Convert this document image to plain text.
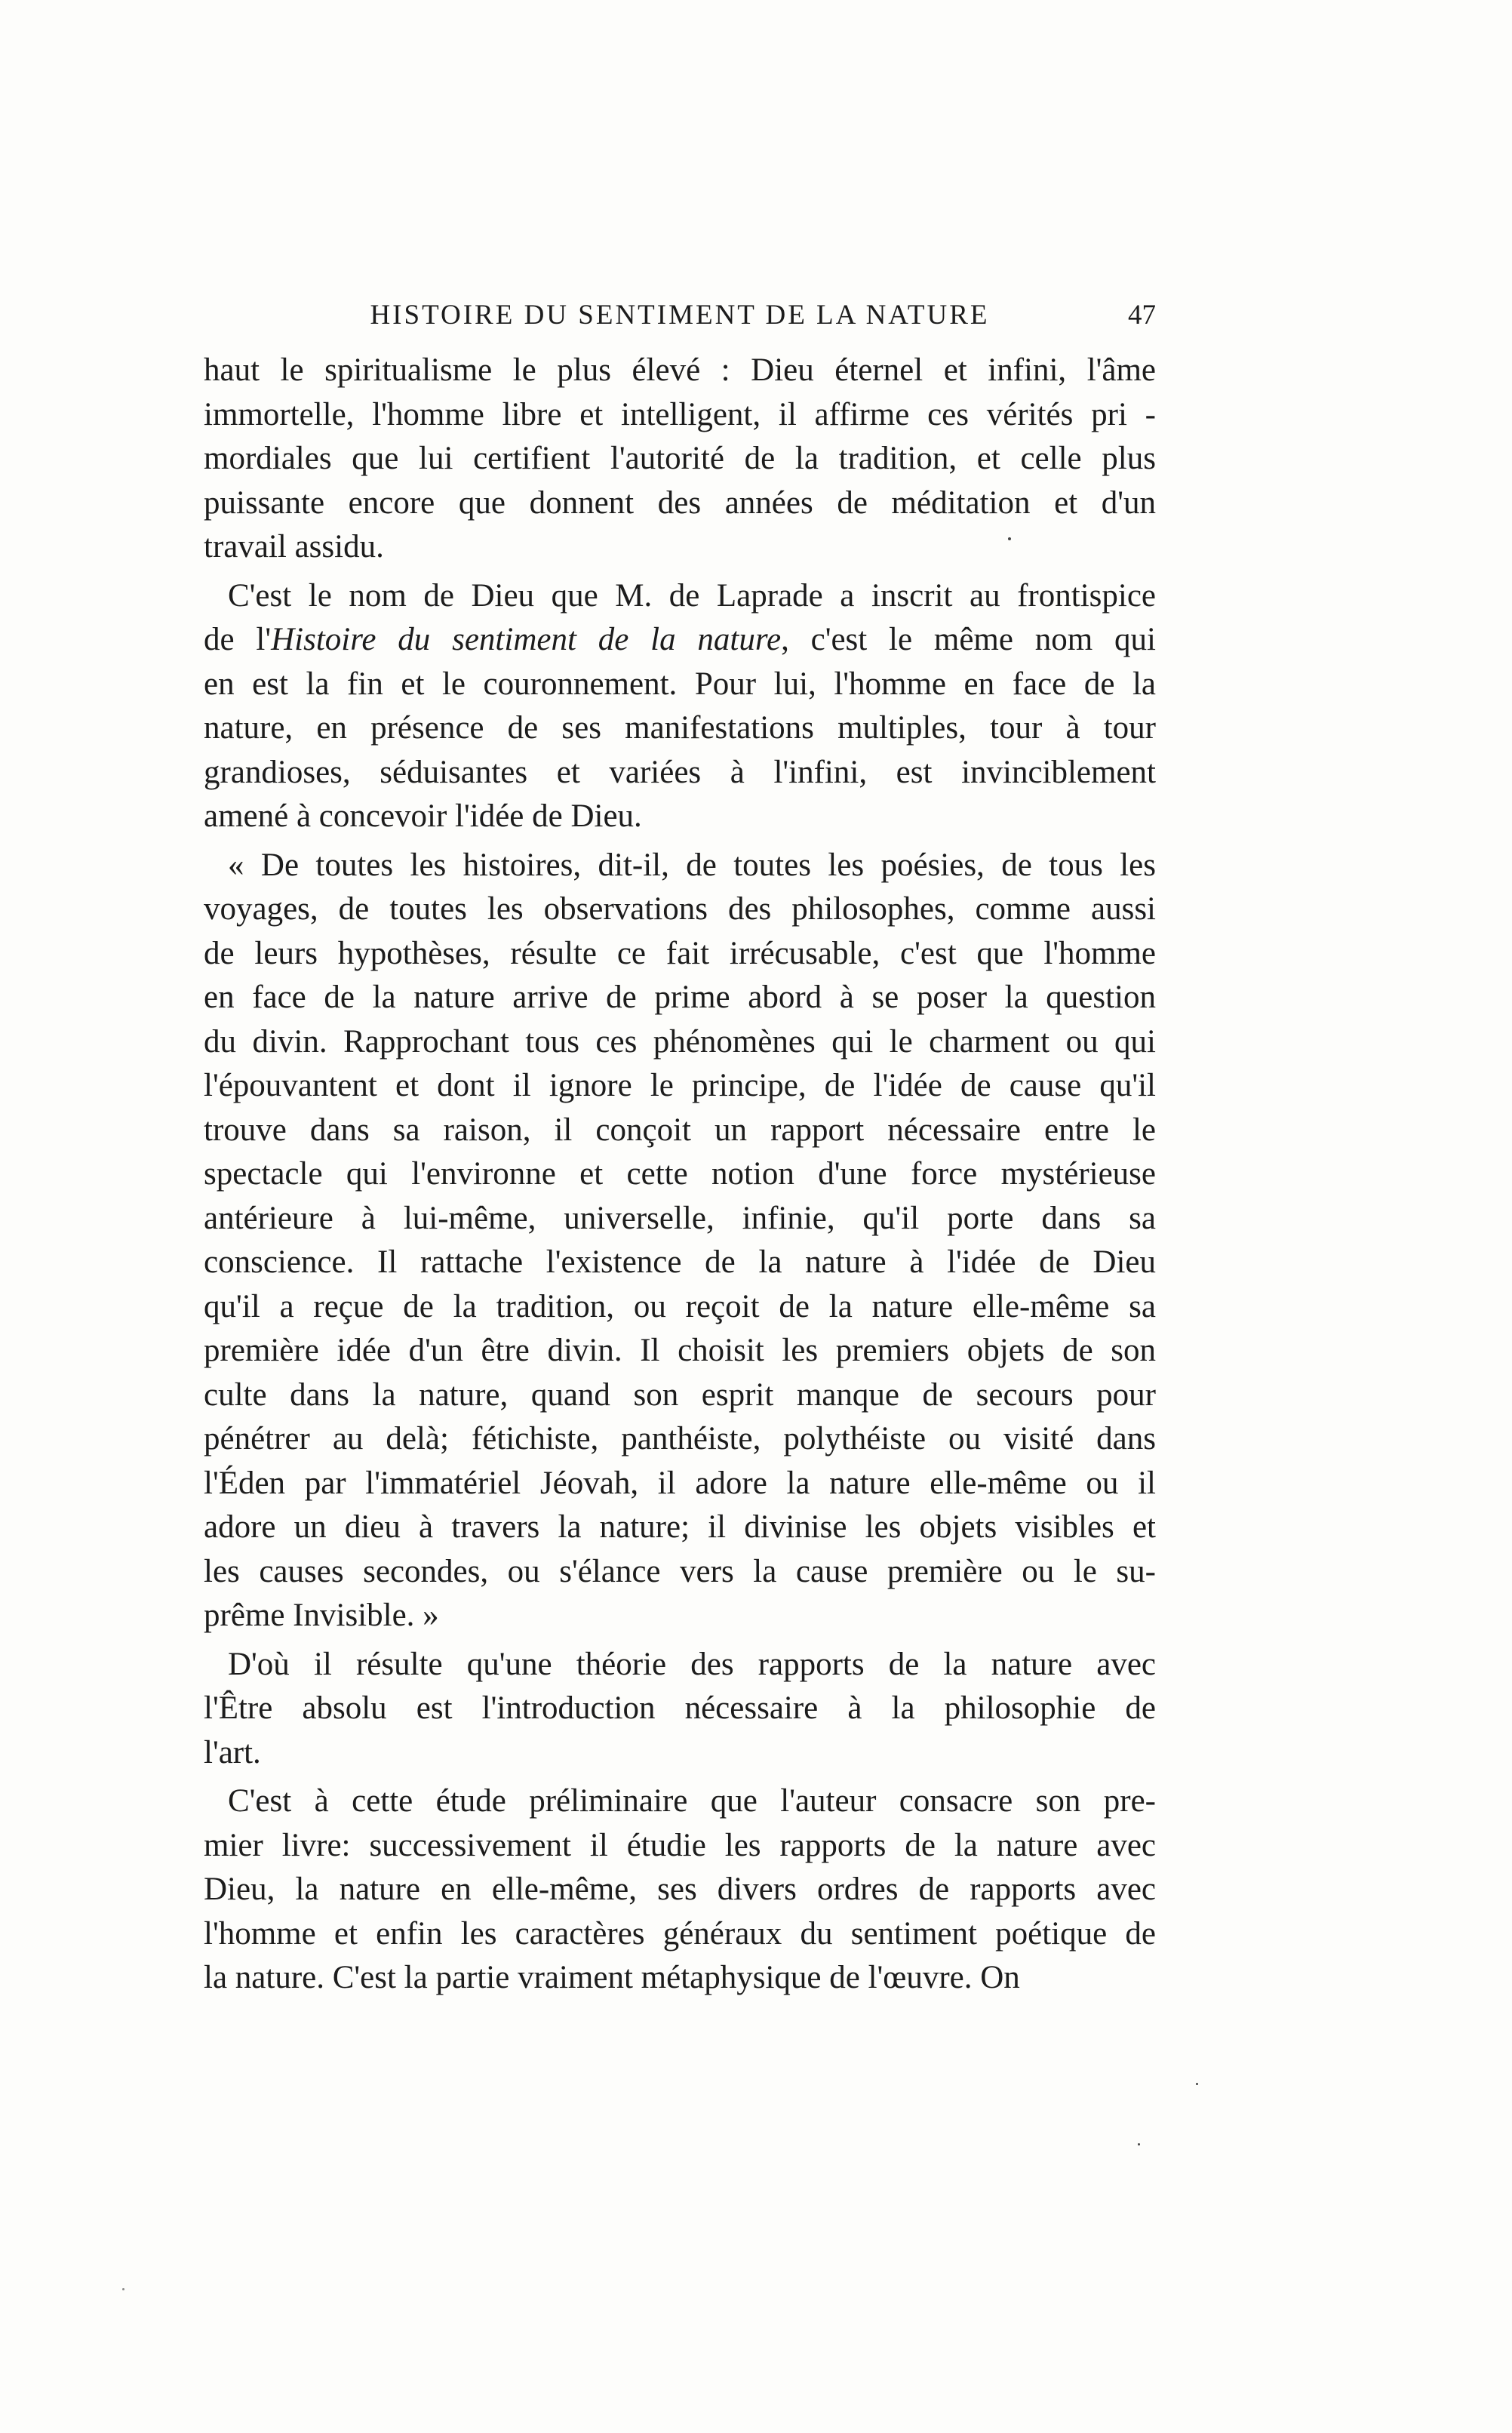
HISTOIRE DU SENTIMENT DE LA NATURE	47
haut le spiritualisme le plus élevé : Dieu éternel et infini, l'âme
immortelle, l'homme libre et intelligent, il affirme ces vérités pri -
mordiales que lui certifient l'autorité de la tradition, et celle plus
puissante encore que donnent des années de méditation et d'un
travail assidu.
C'est le nom de Dieu que M. de Laprade a inscrit au frontispice
de l'Histoire du sentiment de la nature, c'est le même nom qui
en est la fin et le couronnement. Pour lui, l'homme en face de la
nature, en présence de ses manifestations multiples, tour à tour
grandioses, séduisantes et variées à l'infini, est invinciblement
amené à concevoir l'idée de Dieu.
« De toutes les histoires, dit-il, de toutes les poésies, de tous les
voyages, de toutes les observations des philosophes, comme aussi
de leurs hypothèses, résulte ce fait irrécusable, c'est que l'homme
en face de la nature arrive de prime abord à se poser la question
du divin. Rapprochant tous ces phénomènes qui le charment ou qui
l'épouvantent et dont il ignore le principe, de l'idée de cause qu'il
trouve dans sa raison, il conçoit un rapport nécessaire entre le
spectacle qui l'environne et cette notion d'une force mystérieuse
antérieure à lui-même, universelle, infinie, qu'il porte dans sa
conscience. Il rattache l'existence de la nature à l'idée de Dieu
qu'il a reçue de la tradition, ou reçoit de la nature elle-même sa
première idée d'un être divin. Il choisit les premiers objets de son
culte dans la nature, quand son esprit manque de secours pour
pénétrer au delà; fétichiste, panthéiste, polythéiste ou visité dans
l'Éden par l'immatériel Jéovah, il adore la nature elle-même ou il
adore un dieu à travers la nature; il divinise les objets visibles et
les causes secondes, ou s'élance vers la cause première ou le su-
prême Invisible. »
D'où il résulte qu'une théorie des rapports de la nature avec
l'Être absolu est l'introduction nécessaire à la philosophie de
l'art.
C'est à cette étude préliminaire que l'auteur consacre son pre-
mier livre: successivement il étudie les rapports de la nature avec
Dieu, la nature en elle-même, ses divers ordres de rapports avec
l'homme et enfin les caractères généraux du sentiment poétique de
la nature. C'est la partie vraiment métaphysique de l'œuvre. On
